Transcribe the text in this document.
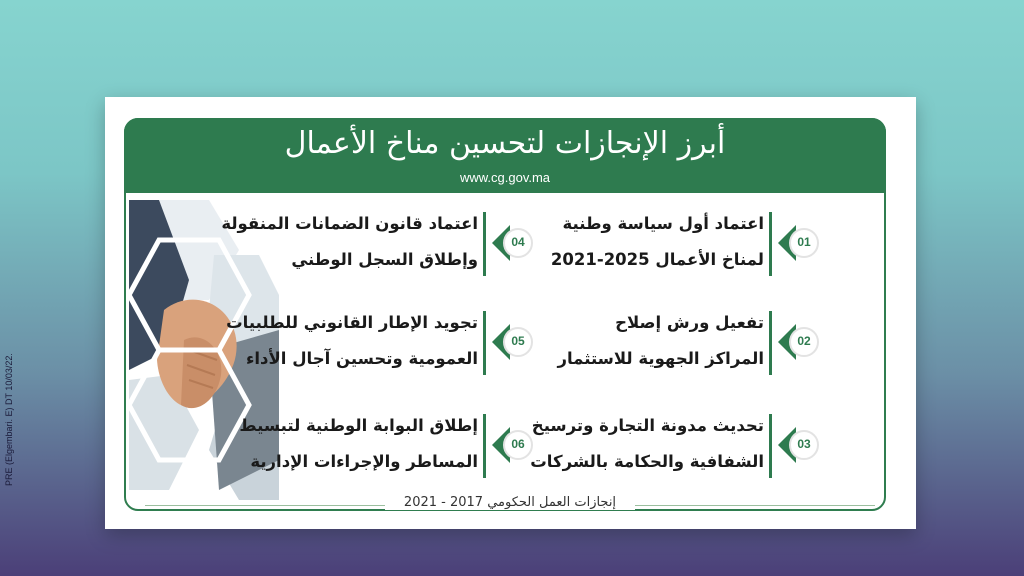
PRE (Elgembari. E) DT 10/03/22.
أبرز الإنجازات لتحسين مناخ الأعمال
www.cg.gov.ma
اعتماد أول سياسة وطنية
لمناخ الأعمال 2025-2021
01
تفعيل ورش إصلاح
المراكز الجهوية للاستثمار
02
تحديث مدونة التجارة وترسيخ
الشفافية والحكامة بالشركات
03
اعتماد قانون الضمانات المنقولة
وإطلاق السجل الوطني
04
تجويد الإطار القانوني للطلبيات
العمومية وتحسين آجال الأداء
05
إطلاق البوابة الوطنية لتبسيط
المساطر والإجراءات الإدارية
06
إنجازات العمل الحكومي 2017 - 2021
